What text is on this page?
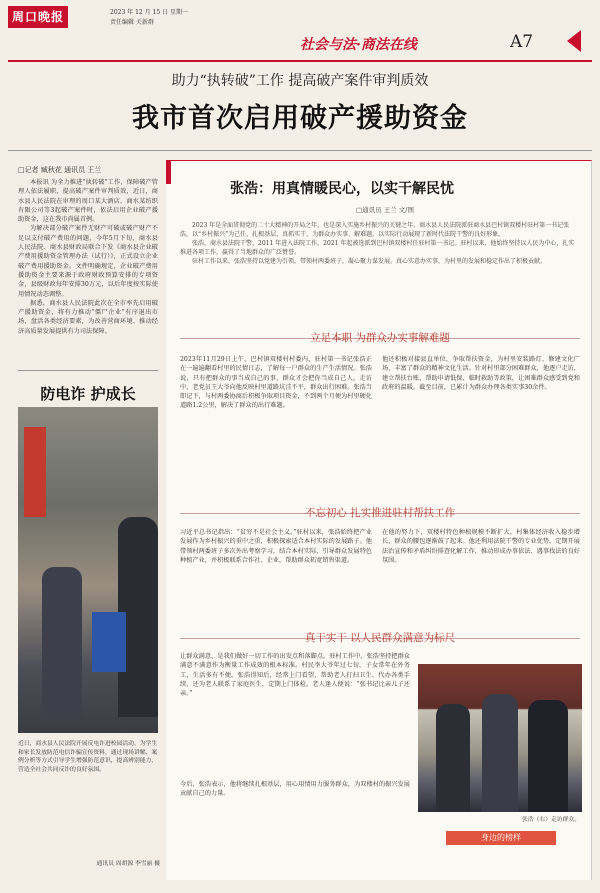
周口晚报	2023 年 12 月 15 日 星期一
责任编辑 关新群
社会与法·商法在线	A7
助力“执转破”工作 提高破产案件审判质效
我市首次启用破产援助资金
□记者 臧秋花 通讯员 王兰

本报讯 为全力推进“执转破”工作，保障破产管理人依法履职，提高破产案件审判质效，近日，商水县人民法院在审理的周口某大酒店、商水某纺织有限公司等3起破产案件时，依法启用企业破产援助资金，这在我市尚属首例。

为解决部分破产案件无财产可破或破产财产不足以支付破产费用的问题，今年5月下旬，商水县人民法院、商水县财政局联合下发《商水县企业破产费用援助资金管理办法（试行）》，正式设立企业破产费用援助资金。文件明确规定，企业破产费用援助资金主要来源于政府财政预算安排的专项资金，县级财政每年安排30万元，以后年度按实际使用情况动态调整。

据悉，商水县人民法院此次在全市率先启用破产援助资金，将有力推动“僵尸企业”有序退出市场，盘活各类经济要素，为改善营商环境、推动经济高质量发展提供有力司法保障。

防电诈 护成长
近日，商水县人民法院开展反电诈进校园活动，为学生和家长发放防范电信诈骗宣传资料，通过现场讲解、案例分析等方式引导学生增强防范意识，提高辨别能力，营造全社会共同反诈的良好氛围。
通讯员 周胡源 李雪丽 摄
张浩：用真情暖民心，以实干解民忧
□通讯员 王兰 文/图

2023 年是全面贯彻党的二十大精神的开局之年，也是深入实施乡村振兴的关键之年。商水县人民法院派驻商水县巴村镇双楼村驻村第一书记张浩，以“乡村振兴”为己任，扎根基层，真抓实干，为群众办实事、解难题，以实际行动展现了新时代法院干警的良好形象。

张浩，商水县法院干警，2011 年进入法院工作，2021 年起被选派到巴村镇双楼村任驻村第一书记。驻村以来，他始终坚持以人民为中心，扎实推进各项工作，赢得了当地群众的广泛赞誉。

驻村工作以来，张浩坚持以党建为引领，带领村两委班子，凝心聚力谋发展，真心实意办实事，为村里的发展和稳定作出了积极贡献。

立足本职 为群众办实事解难题
2023年11月29日上午，巴村镇双楼村村委内，驻村第一书记张浩正在一遍遍翻看村里的民情日志，了解每一户群众的生产生活情况。张浩说，只有把群众的事当成自己的事，群众才会把你当成自己人。走访中，老党员王大爷向他反映村里道路坑洼不平，群众出行困难。张浩当即记下，与村两委协商后积极争取项目资金，不到两个月便为村里硬化道路1.2公里，解决了群众的出行难题。
他还积极对接县直单位，争取帮扶资金，为村里安装路灯、修建文化广场，丰富了群众的精神文化生活。针对村里部分困难群众，他逐户走访，建立帮扶台账，帮助申请低保、临时救助等政策，让困难群众感受到党和政府的温暖。截至目前，已累计为群众办理各类实事30余件。
不忘初心 扎实推进驻村帮扶工作
习近平总书记指出：“贫穷不是社会主义。”驻村以来，张浩始终把产业发展作为乡村振兴的重中之重，积极探索适合本村实际的发展路子。他带领村两委班子多次外出考察学习，结合本村实际，引导群众发展特色种植产业，并积极联系合作社、企业，帮助群众拓宽销售渠道。
在他的努力下，双楼村特色种植规模不断扩大，村集体经济收入稳步增长，群众的腰包逐渐鼓了起来。他还利用法院干警的专业优势，定期开展法治宣传和矛盾纠纷排查化解工作，推动形成办事依法、遇事找法的良好氛围。
真干实干 以人民群众满意为标尺
让群众满意，是我们做好一切工作的出发点和落脚点。驻村工作中，张浩坚持把群众满意不满意作为衡量工作成效的根本标准。村民李大爷年过七旬，子女常年在外务工，生活多有不便。张浩得知后，经常上门看望，帮助老人打扫卫生、代办各类手续，还为老人联系了家庭医生，定期上门体检。老人逢人便说：“张书记比亲儿子还亲。”
今后，张浩表示，他将继续扎根基层，用心用情用力服务群众，为双楼村的振兴发展贡献自己的力量。
张浩（右）走访群众。
身边的榜样
